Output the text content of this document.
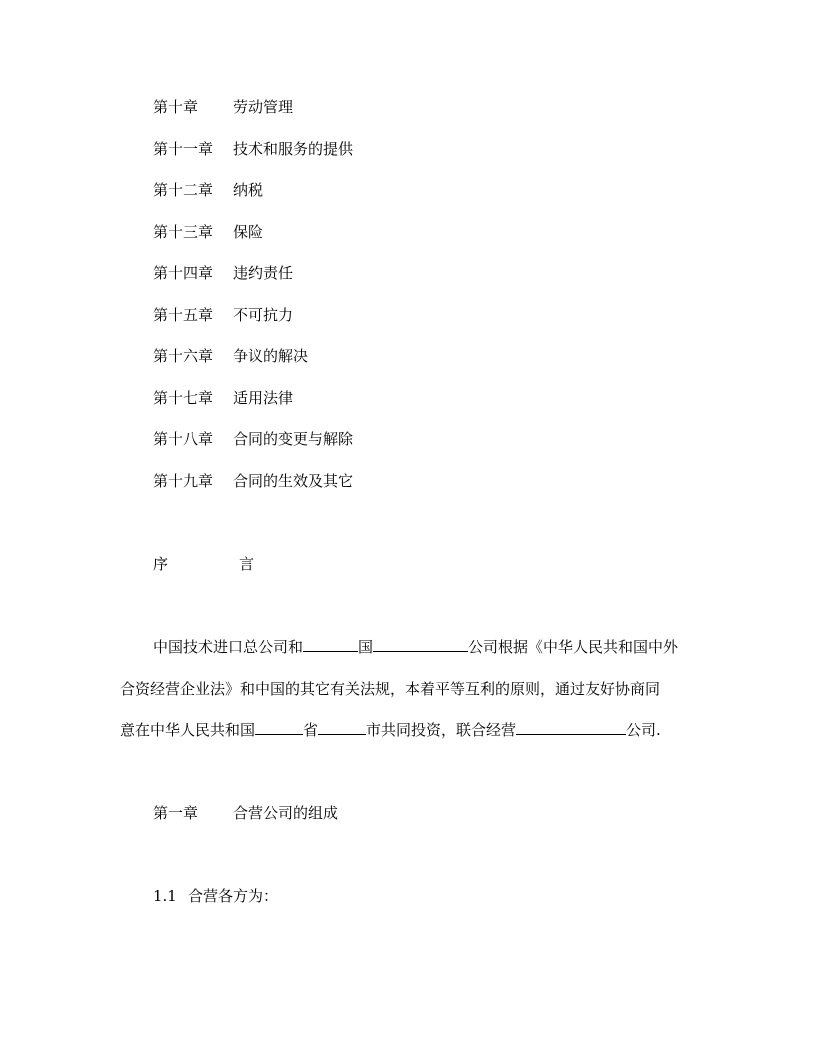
第十章 劳动管理
第十一章 技术和服务的提供
第十二章 纳税
第十三章 保险
第十四章 违约责任
第十五章 不可抗力
第十六章 争议的解决
第十七章 适用法律
第十八章 合同的变更与解除
第十九章 合同的生效及其它
序	言
中国技术进口总公司和	国	公司根据《中华人民共和国中外
合资经营企业法》和中国的其它有关法规，本着平等互利的原则，通过友好协商同
意在中华人民共和国	省	市共同投资，联合经营	公司.
第一章 合营公司的组成
1.1 合营各方为：
